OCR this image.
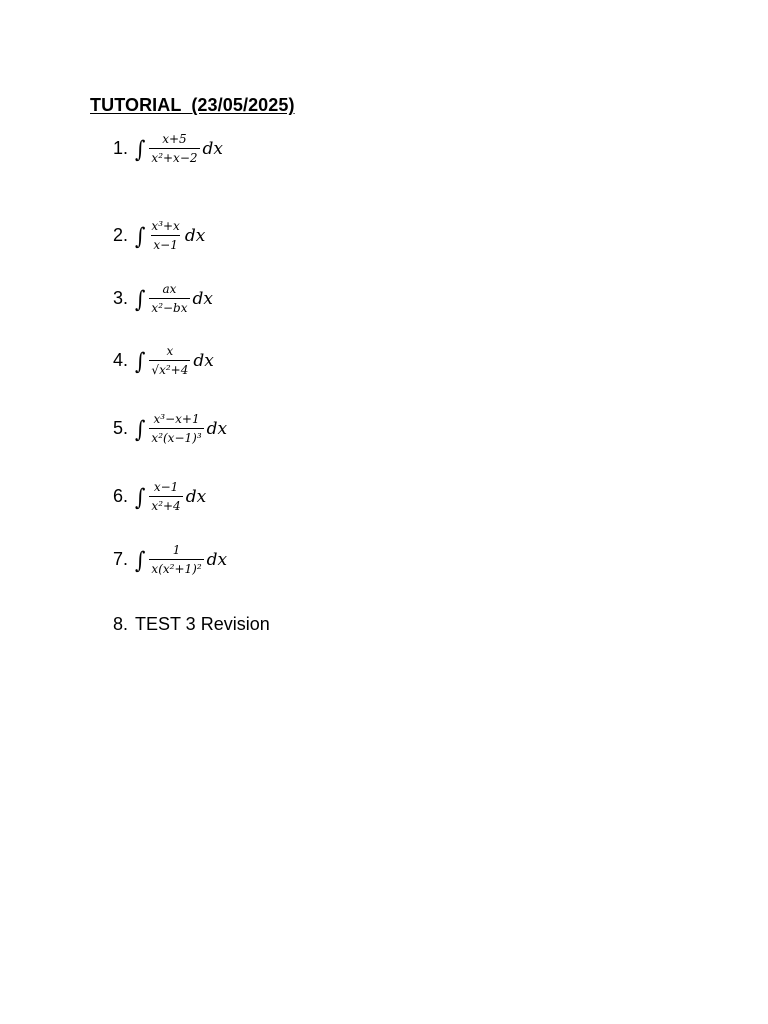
TUTORIAL  (23/05/2025)
1. ∫ $\frac{x+5}{\text{x²+x−2}}$ dx
2. ∫ $\frac{\text{x³+x}}{x-1}$ dx
3. ∫ $\frac{ax}{\text{x²−bx}}$ dx
4. ∫ $\frac{x}{\text{√x²+4}}$ dx
5. ∫ $\frac{\text{x³−x+1}}{\text{x²(x−1)³}}$ dx
6. ∫ $\frac{x-1}{\text{x²+4}}$ dx
7. ∫ $\frac{1}{\text{x(x²+1)²}}$ dx
8. TEST 3 Revision
